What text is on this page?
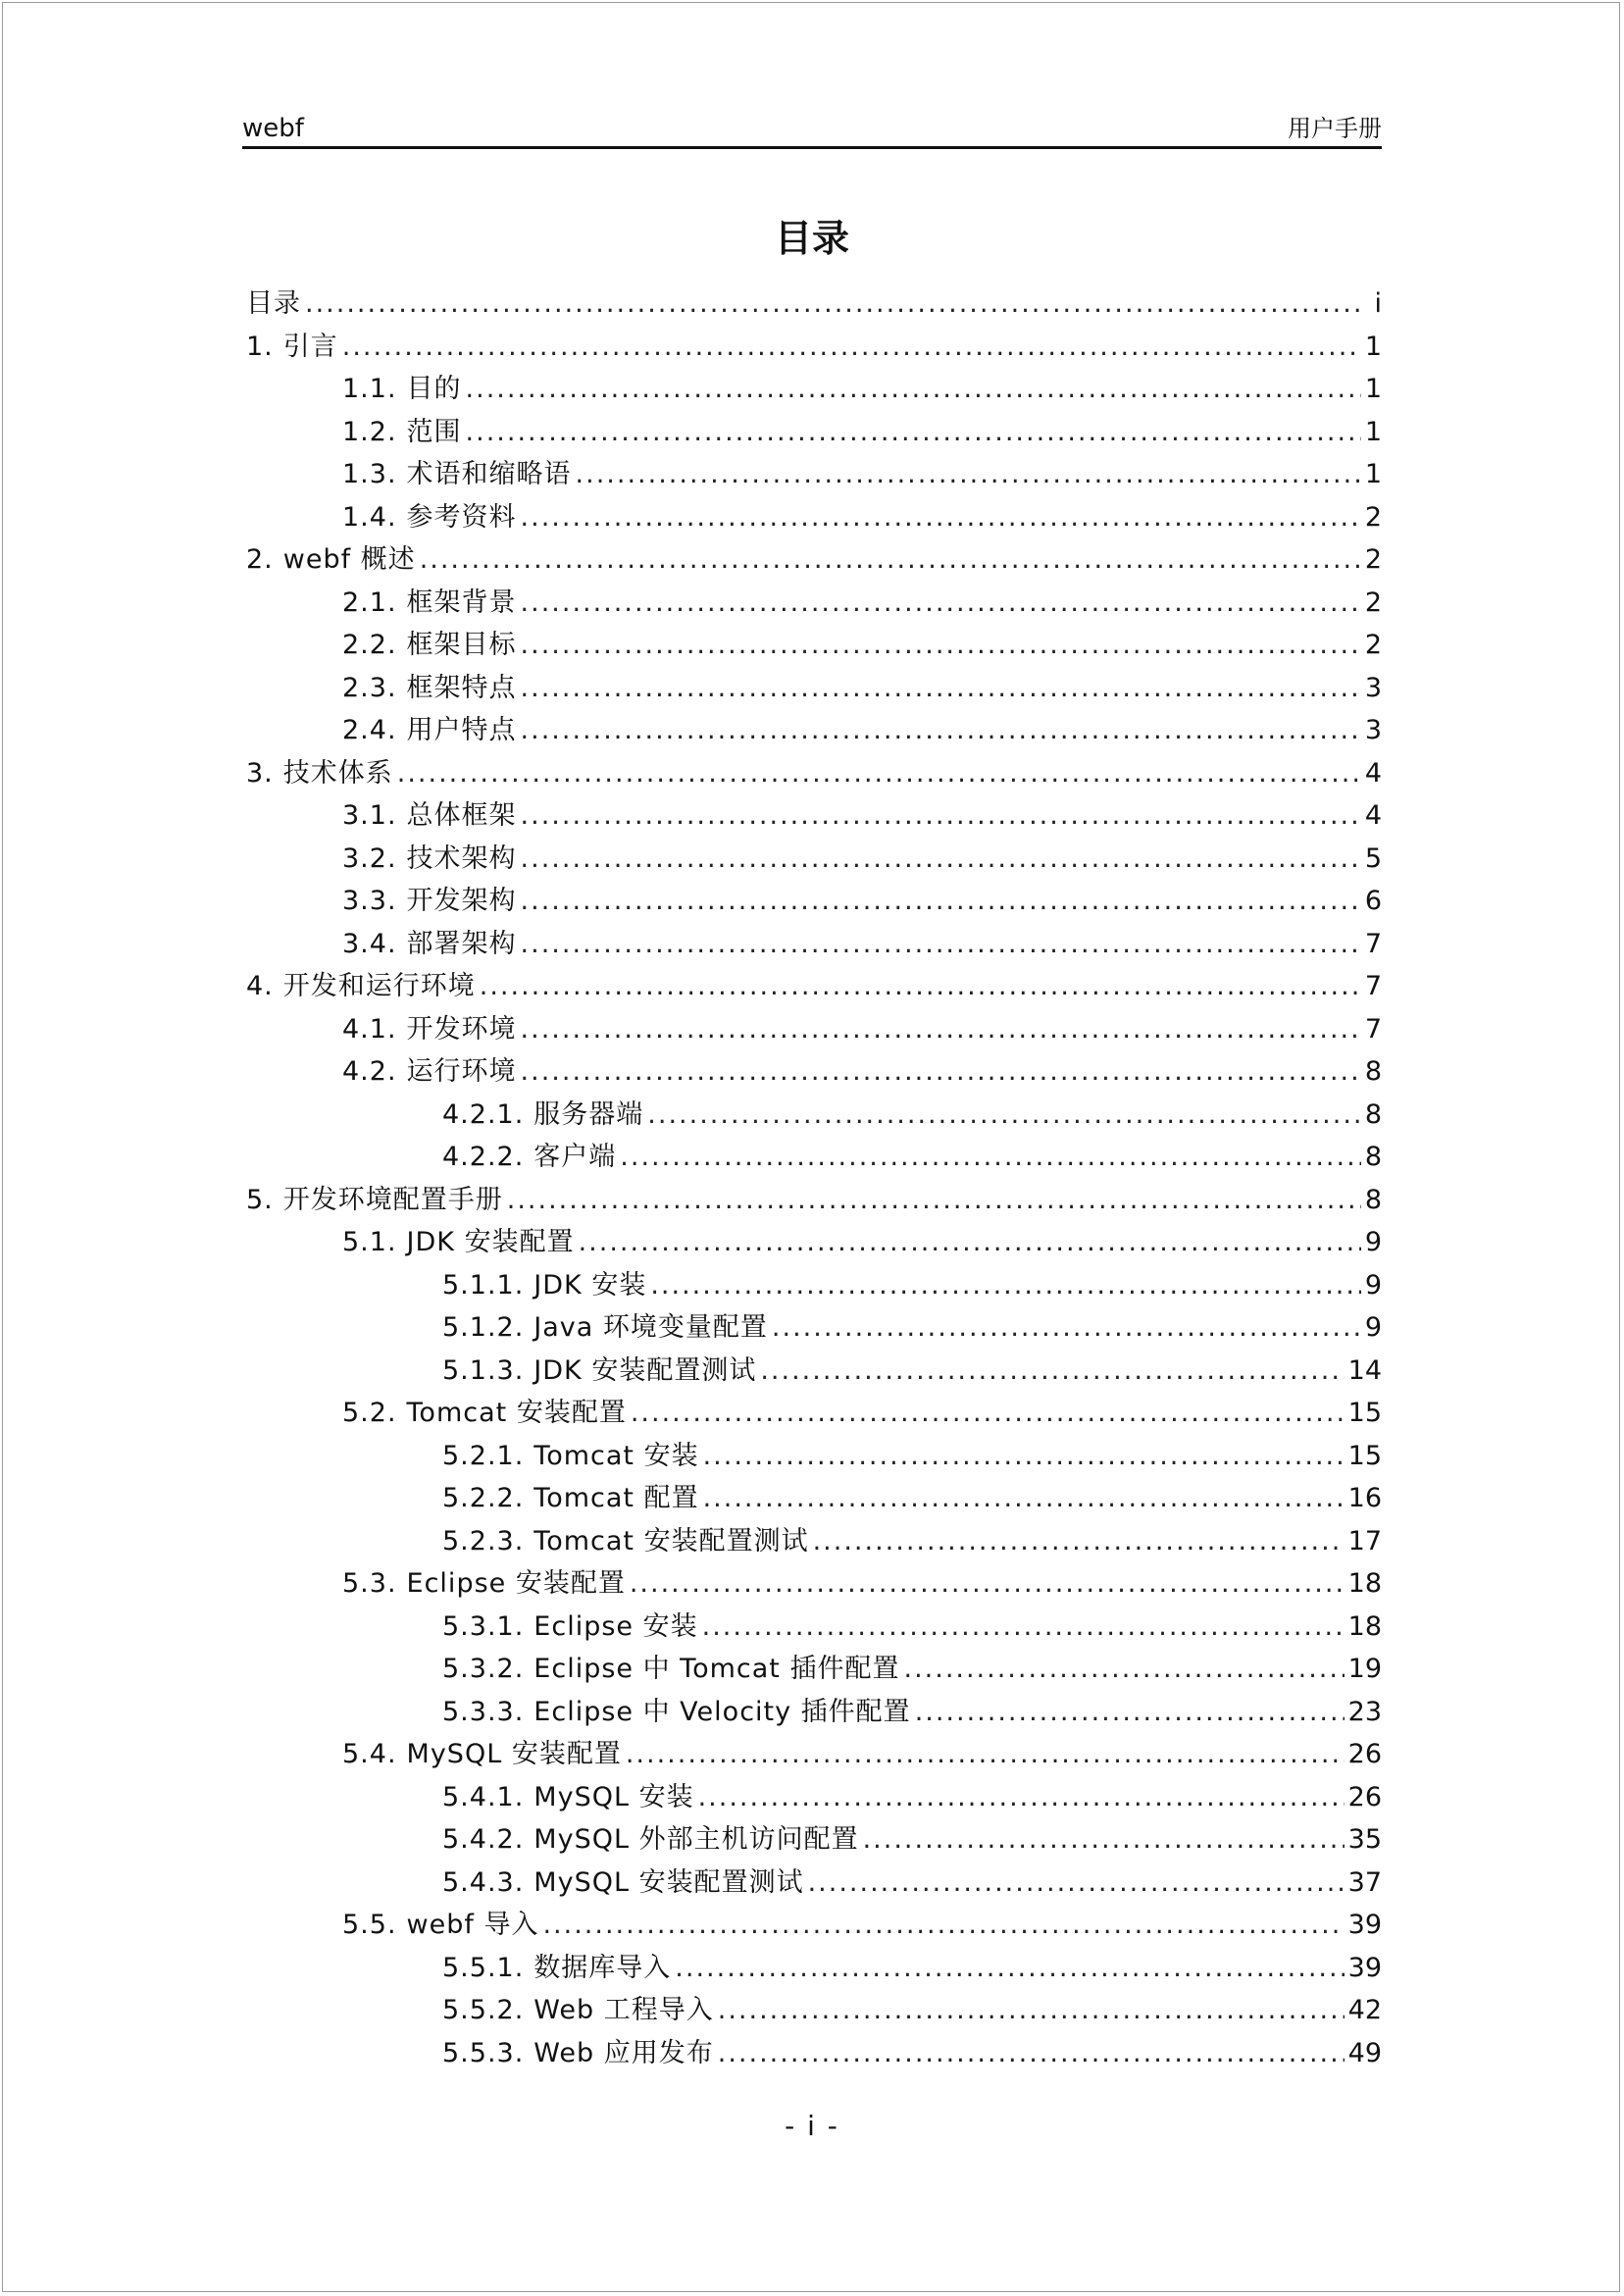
webf	用户手册
目录
目录 .....	i
1. 引言 .....	1
1.1. 目的 .....	1
1.2. 范围 .....	1
1.3. 术语和缩略语 .....	1
1.4. 参考资料 .....	2
2. webf 概述 .....	2
2.1. 框架背景 .....	2
2.2. 框架目标 .....	2
2.3. 框架特点 .....	3
2.4. 用户特点 .....	3
3. 技术体系 .....	4
3.1. 总体框架 .....	4
3.2. 技术架构 .....	5
3.3. 开发架构 .....	6
3.4. 部署架构 .....	7
4. 开发和运行环境 .....	7
4.1. 开发环境 .....	7
4.2. 运行环境 .....	8
4.2.1. 服务器端 .....	8
4.2.2. 客户端 .....	8
5. 开发环境配置手册 .....	8
5.1. JDK 安装配置 .....	9
5.1.1. JDK 安装 .....	9
5.1.2. Java 环境变量配置 .....	9
5.1.3. JDK 安装配置测试 .....	14
5.2. Tomcat 安装配置 .....	15
5.2.1. Tomcat 安装 .....	15
5.2.2. Tomcat 配置 .....	16
5.2.3. Tomcat 安装配置测试 .....	17
5.3. Eclipse 安装配置 .....	18
5.3.1. Eclipse 安装 .....	18
5.3.2. Eclipse 中 Tomcat 插件配置 .....	19
5.3.3. Eclipse 中 Velocity 插件配置 .....	23
5.4. MySQL 安装配置 .....	26
5.4.1. MySQL 安装 .....	26
5.4.2. MySQL 外部主机访问配置 .....	35
5.4.3. MySQL 安装配置测试 .....	37
5.5. webf 导入 .....	39
5.5.1. 数据库导入 .....	39
5.5.2. Web 工程导入 .....	42
5.5.3. Web 应用发布 .....	49
- i -
